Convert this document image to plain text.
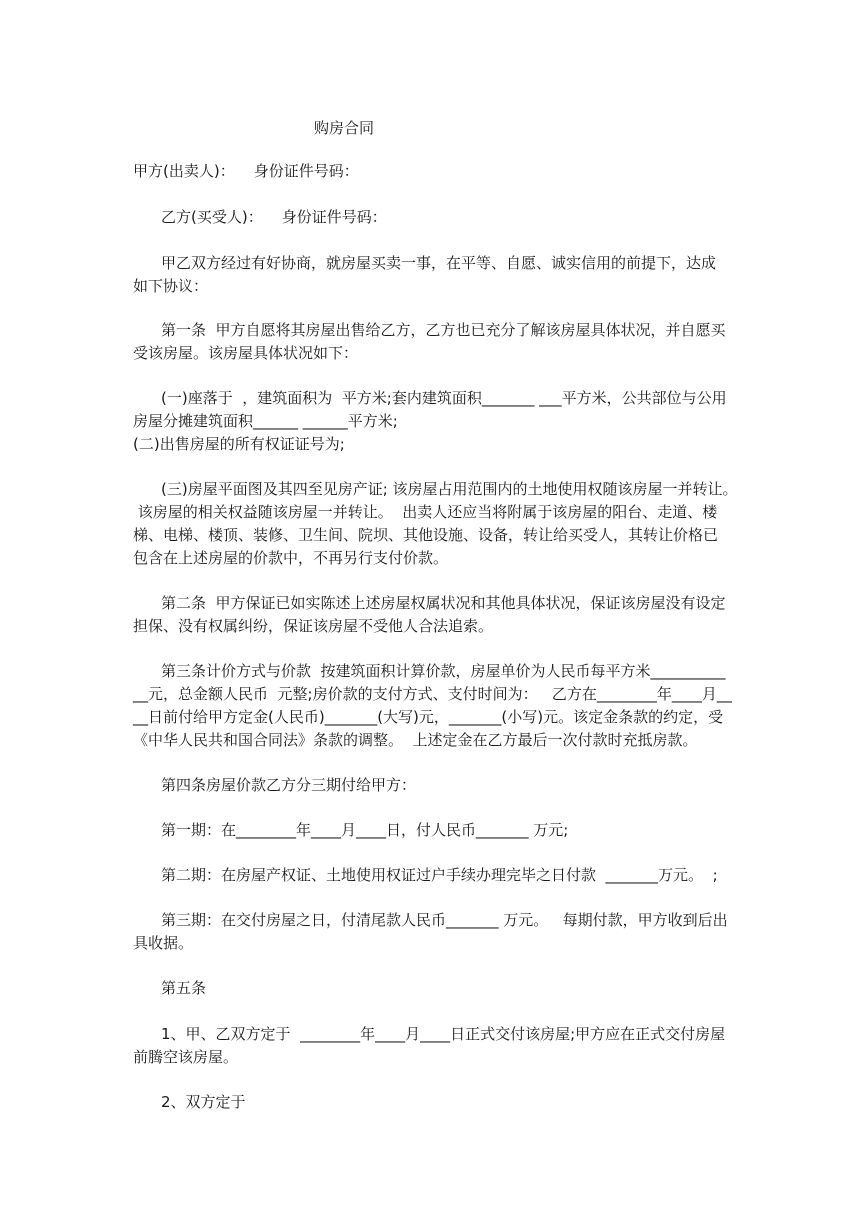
购房合同
甲方(出卖人)：    身份证件号码：
乙方(买受人)：    身份证件号码：
甲乙双方经过有好协商，就房屋买卖一事，在平等、自愿、诚实信用的前提下，达成
如下协议：
第一条  甲方自愿将其房屋出售给乙方，乙方也已充分了解该房屋具体状况，并自愿买
受该房屋。该房屋具体状况如下：
(一)座落于  ，建筑面积为  平方米;套内建筑面积_______ ___平方米，公共部位与公用
房屋分摊建筑面积______ ______平方米;
(二)出售房屋的所有权证证号为;
(三)房屋平面图及其四至见房产证; 该房屋占用范围内的土地使用权随该房屋一并转让。
该房屋的相关权益随该房屋一并转让。  出卖人还应当将附属于该房屋的阳台、走道、楼
梯、电梯、楼顶、装修、卫生间、院坝、其他设施、设备，转让给买受人，其转让价格已
包含在上述房屋的价款中，不再另行支付价款。
第二条  甲方保证已如实陈述上述房屋权属状况和其他具体状况，保证该房屋没有设定
担保、没有权属纠纷，保证该房屋不受他人合法追索。
第三条计价方式与价款  按建筑面积计算价款，房屋单价为人民币每平方米__________
__元，总金额人民币  元整;房价款的支付方式、支付时间为：   乙方在________年____月__
__日前付给甲方定金(人民币)_______(大写)元，_______(小写)元。该定金条款的约定，受
《中华人民共和国合同法》条款的调整。  上述定金在乙方最后一次付款时充抵房款。
第四条房屋价款乙方分三期付给甲方：
第一期：在________年____月____日，付人民币_______ 万元;
第二期：在房屋产权证、土地使用权证过户手续办理完毕之日付款  _______万元。  ;
第三期：在交付房屋之日，付清尾款人民币_______ 万元。   每期付款，甲方收到后出
具收据。
第五条
1、甲、乙双方定于  ________年____月____日正式交付该房屋;甲方应在正式交付房屋
前腾空该房屋。
2、双方定于
